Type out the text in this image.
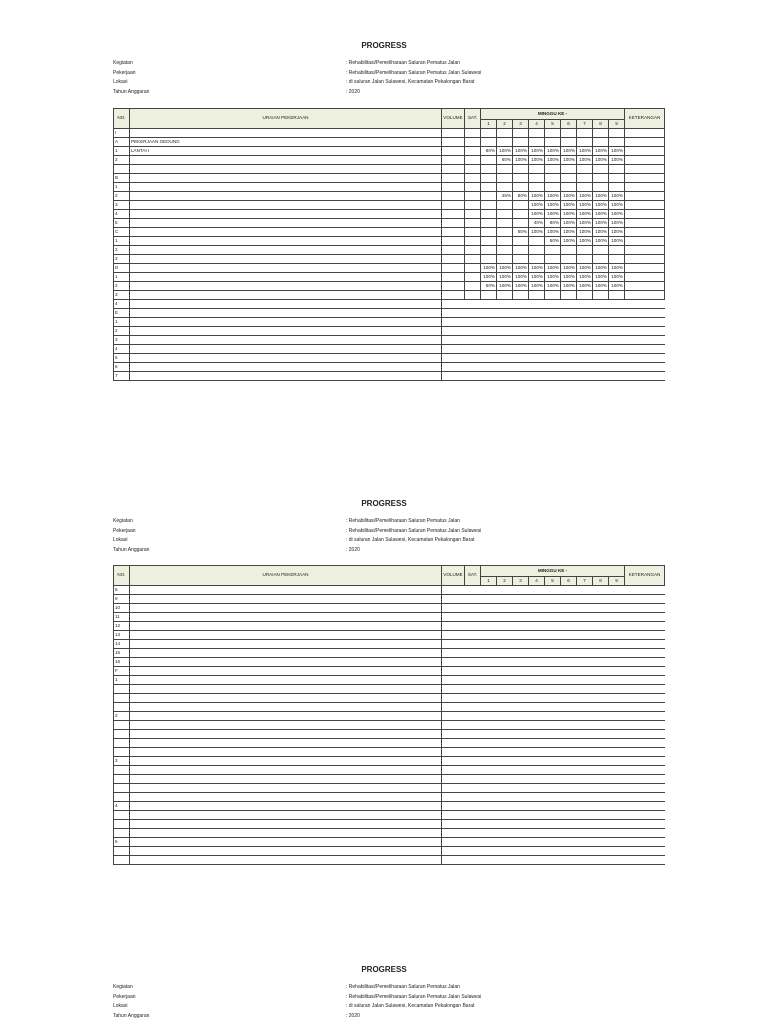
PROGRESS
Kegiatan	: Rehabilitasi/Pemeliharaan Saluran Pematus Jalan
Pekerjaan	: Rehabilitasi/Pemeliharaan Saluran Pematus Jalan Sulawesi
Lokasi	: di saluran Jalan Sulawesi, Kecamatan Pekalongan Barat
Tahun Anggaran	: 2020
NO.	URAIAN PEKERJAAN	VOLUME	SAT.	MINGGU KE -									KETERANGAN
				1	2	3	4	5	6	7	8	9	
I													
A	PEKERJAAN GEDUNG												
1	LANTAI I			80%	100%	100%	100%	100%	100%	100%	100%	100%	
2					60%	100%	100%	100%	100%	100%	100%	100%	

B													
1													
2					45%	80%	100%	100%	100%	100%	100%	100%	
3							100%	100%	100%	100%	100%	100%	
4							100%	100%	100%	100%	100%	100%	
5							40%	80%	100%	100%	100%	100%	
C						50%	100%	100%	100%	100%	100%	100%	
1								50%	100%	100%	100%	100%	
2													
3													
D				100%	100%	100%	100%	100%	100%	100%	100%	100%	
1				100%	100%	100%	100%	100%	100%	100%	100%	100%	
2				50%	100%	100%	100%	100%	100%	100%	100%	100%	
3													
4													
E													
1													
2													
3													
4													
5													
6													
7													
PROGRESS
Kegiatan	: Rehabilitasi/Pemeliharaan Saluran Pematus Jalan
Pekerjaan	: Rehabilitasi/Pemeliharaan Saluran Pematus Jalan Sulawesi
Lokasi	: di saluran Jalan Sulawesi, Kecamatan Pekalongan Barat
Tahun Anggaran	: 2020
NO.	URAIAN PEKERJAAN	VOLUME	SAT.	MINGGU KE -									KETERANGAN
				1	2	3	4	5	6	7	8	9	
8													
9													
10													
11													
12													
13													
14													
15													
16													
F													
1													

2													

3													

4													

5													

PROGRESS
Kegiatan	: Rehabilitasi/Pemeliharaan Saluran Pematus Jalan
Pekerjaan	: Rehabilitasi/Pemeliharaan Saluran Pematus Jalan Sulawesi
Lokasi	: di saluran Jalan Sulawesi, Kecamatan Pekalongan Barat
Tahun Anggaran	: 2020
